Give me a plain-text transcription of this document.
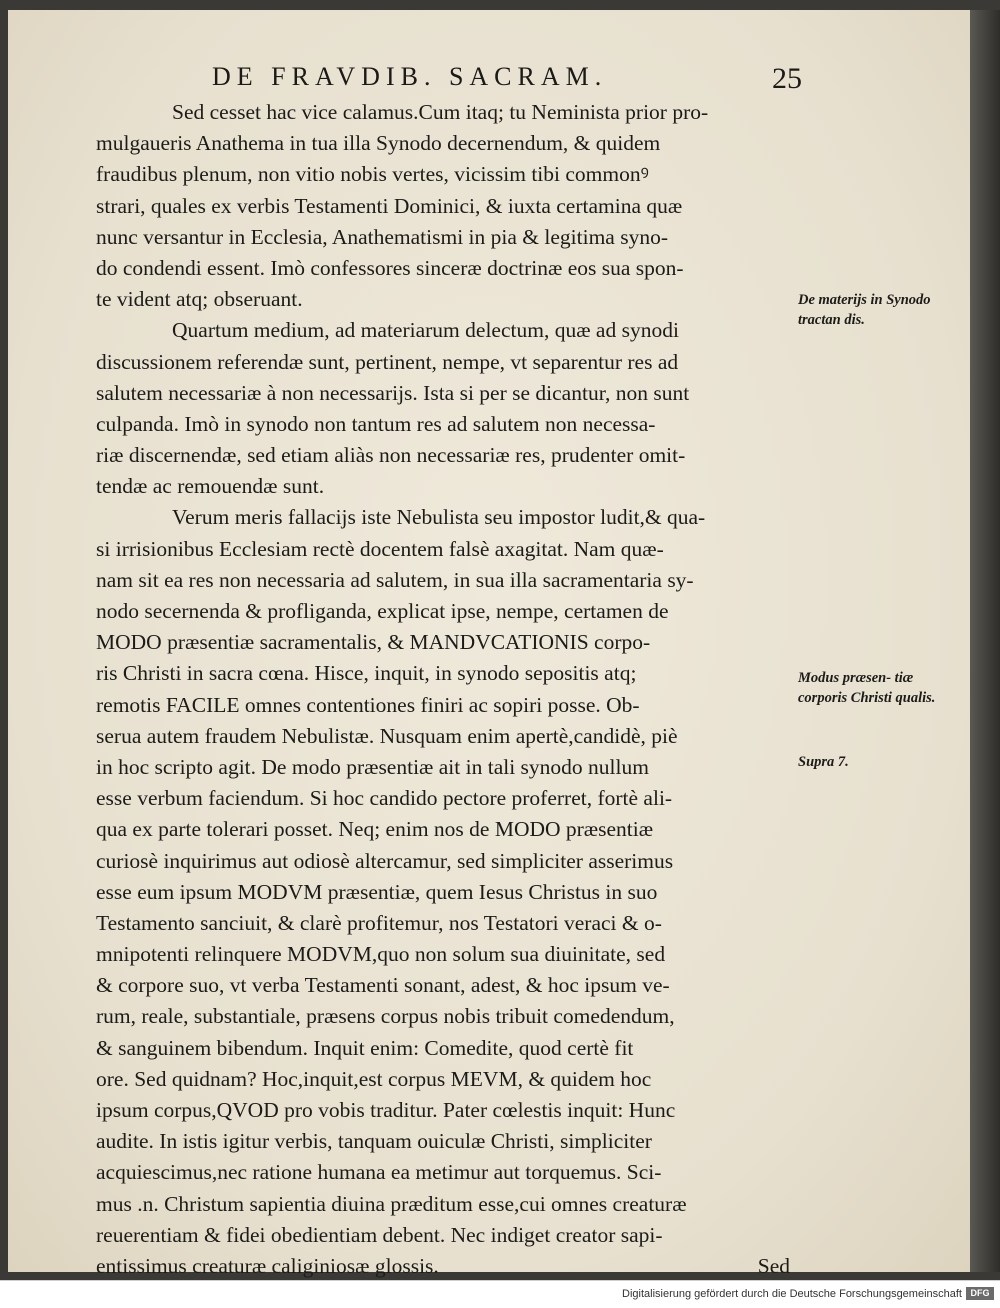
DE FRAVDIB. SACRAM.	25
Sed cesset hac vice calamus.Cum itaq; tu Neminista prior pro-
mulgaueris Anathema in tua illa Synodo decernendum, & quidem
fraudibus plenum, non vitio nobis vertes, vicissim tibi commonꝰ
strari, quales ex verbis Testamenti Dominici, & iuxta certamina quæ
nunc versantur in Ecclesia, Anathematismi in pia & legitima syno-
do condendi essent. Imò confessores sinceræ doctrinæ eos sua spon-
te vident atq; obseruant.
Quartum medium, ad materiarum delectum, quæ ad synodi
discussionem referendæ sunt, pertinent, nempe, vt separentur res ad
salutem necessariæ à non necessarijs. Ista si per se dicantur, non sunt
culpanda. Imò in synodo non tantum res ad salutem non necessa-
riæ discernendæ, sed etiam aliàs non necessariæ res, prudenter omit-
tendæ ac remouendæ sunt.
Verum meris fallacijs iste Nebulista seu impostor ludit,& qua-
si irrisionibus Ecclesiam rectè docentem falsè axagitat. Nam quæ-
nam sit ea res non necessaria ad salutem, in sua illa sacramentaria sy-
nodo secernenda & profliganda, explicat ipse, nempe, certamen de
MODO præsentiæ sacramentalis, & MANDVCATIONIS corpo-
ris Christi in sacra cœna. Hisce, inquit, in synodo sepositis atq;
remotis FACILE omnes contentiones finiri ac sopiri posse. Ob-
serua autem fraudem Nebulistæ. Nusquam enim apertè,candidè, piè
in hoc scripto agit. De modo præsentiæ ait in tali synodo nullum
esse verbum faciendum. Si hoc candido pectore proferret, fortè ali-
qua ex parte tolerari posset. Neq; enim nos de MODO præsentiæ
curiosè inquirimus aut odiosè altercamur, sed simpliciter asserimus
esse eum ipsum MODVM præsentiæ, quem Iesus Christus in suo
Testamento sanciuit, & clarè profitemur, nos Testatori veraci & o-
mnipotenti relinquere MODVM,quo non solum sua diuinitate, sed
& corpore suo, vt verba Testamenti sonant, adest, & hoc ipsum ve-
rum, reale, substantiale, præsens corpus nobis tribuit comedendum,
& sanguinem bibendum. Inquit enim: Comedite, quod certè fit
ore. Sed quidnam? Hoc,inquit,est corpus MEVM, & quidem hoc
ipsum corpus,QVOD pro vobis traditur. Pater cœlestis inquit: Hunc
audite. In istis igitur verbis, tanquam ouiculæ Christi, simpliciter
acquiescimus,nec ratione humana ea metimur aut torquemus. Sci-
mus .n. Christum sapientia diuina præditum esse,cui omnes creaturæ
reuerentiam & fidei obedientiam debent. Nec indiget creator sapi-
entissimus creaturæ caliginiosæ glossis.	Sed
De materijs in Synodo tractan dis.
Modus præsen- tiæ corporis Christi qualis.
Supra 7.
Digitalisierung gefördert durch die Deutsche Forschungsgemeinschaft DFG
